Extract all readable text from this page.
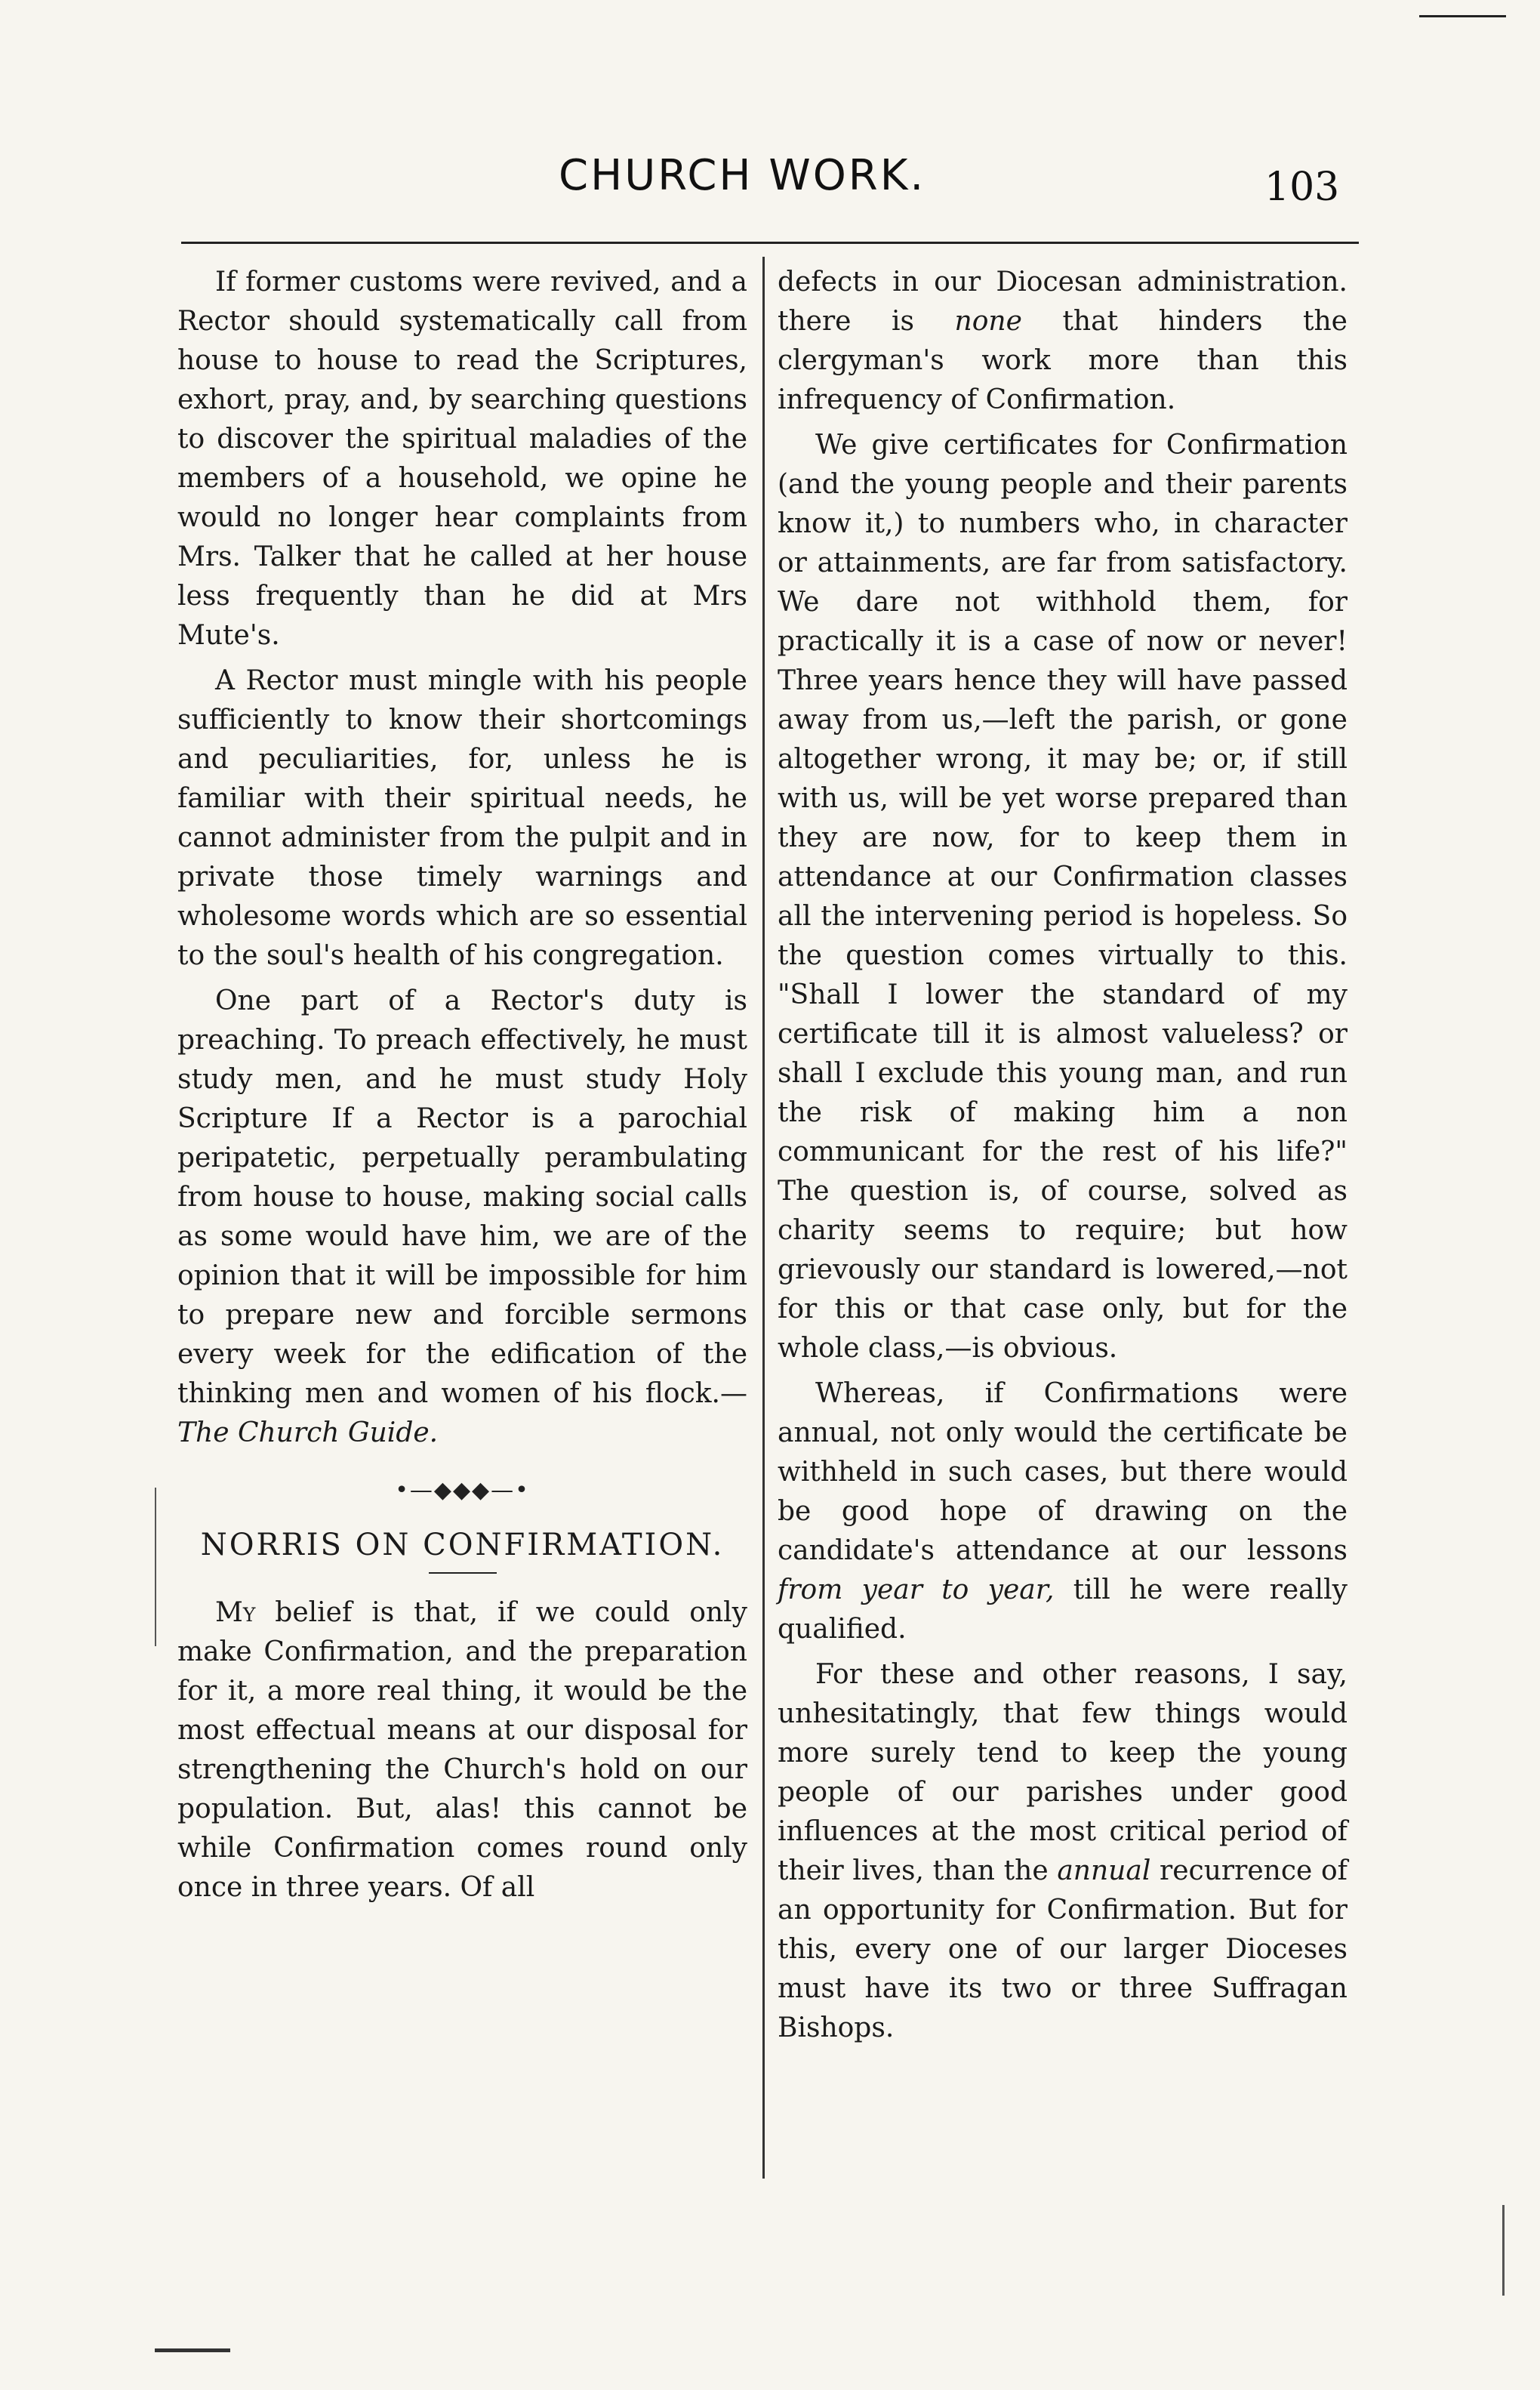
CHURCH WORK.	103

If former customs were revived, and a Rector should systematically call from house to house to read the Scriptures, exhort, pray, and, by searching questions to discover the spiritual maladies of the members of a household, we opine he would no longer hear complaints from Mrs. Talker that he called at her house less frequently than he did at Mrs Mute's.

A Rector must mingle with his people sufficiently to know their shortcomings and peculiarities, for, unless he is familiar with their spiritual needs, he cannot administer from the pulpit and in private those timely warnings and wholesome words which are so essential to the soul's health of his congregation.

One part of a Rector's duty is preaching. To preach effectively, he must study men, and he must study Holy Scripture If a Rector is a parochial peripatetic, perpetually perambulating from house to house, making social calls as some would have him, we are of the opinion that it will be impossible for him to prepare new and forcible sermons every week for the edification of the thinking men and women of his flock.—The Church Guide.

•—◆◆◆—•
NORRIS ON CONFIRMATION.

My belief is that, if we could only make Confirmation, and the preparation for it, a more real thing, it would be the most effectual means at our disposal for strengthening the Church's hold on our population. But, alas! this cannot be while Confirmation comes round only once in three years. Of all

defects in our Diocesan administration. there is none that hinders the clergyman's work more than this infrequency of Confirmation.

We give certificates for Confirmation (and the young people and their parents know it,) to numbers who, in character or attainments, are far from satisfactory. We dare not withhold them, for practically it is a case of now or never! Three years hence they will have passed away from us,—left the parish, or gone altogether wrong, it may be; or, if still with us, will be yet worse prepared than they are now, for to keep them in attendance at our Confirmation classes all the intervening period is hopeless. So the question comes virtually to this. "Shall I lower the standard of my certificate till it is almost valueless? or shall I exclude this young man, and run the risk of making him a non communicant for the rest of his life?" The question is, of course, solved as charity seems to require; but how grievously our standard is lowered,—not for this or that case only, but for the whole class,—is obvious.

Whereas, if Confirmations were annual, not only would the certificate be withheld in such cases, but there would be good hope of drawing on the candidate's attendance at our lessons from year to year, till he were really qualified.

For these and other reasons, I say, unhesitatingly, that few things would more surely tend to keep the young people of our parishes under good influences at the most critical period of their lives, than the annual recurrence of an opportunity for Confirmation. But for this, every one of our larger Dioceses must have its two or three Suffragan Bishops.
